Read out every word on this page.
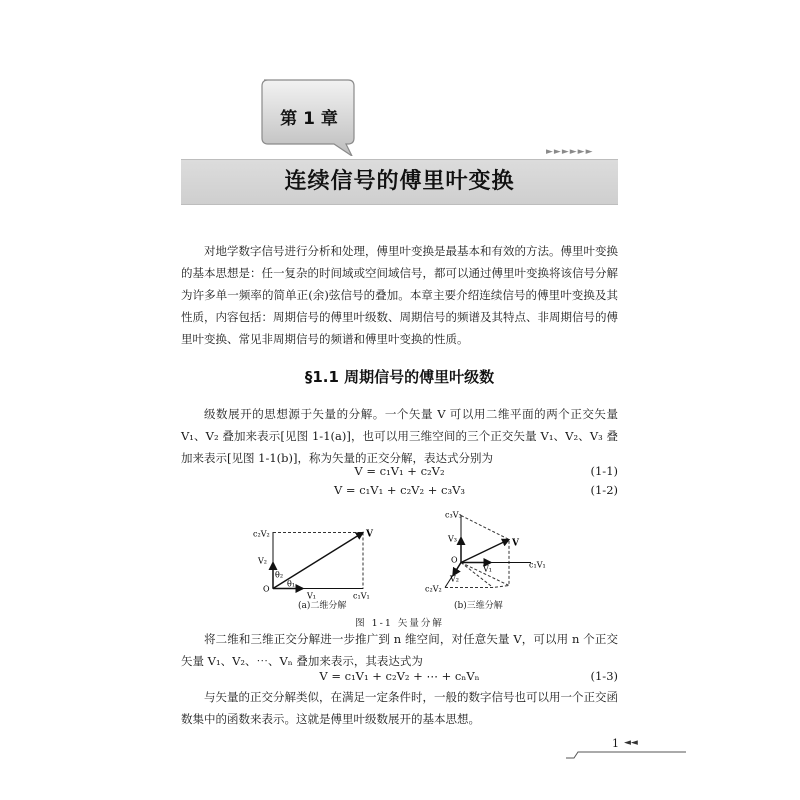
第 1 章
►►►►►►
连续信号的傅里叶变换
对地学数字信号进行分析和处理，傅里叶变换是最基本和有效的方法。傅里叶变换的基本思想是：任一复杂的时间域或空间域信号，都可以通过傅里叶变换将该信号分解为许多单一频率的简单正(余)弦信号的叠加。本章主要介绍连续信号的傅里叶变换及其性质，内容包括：周期信号的傅里叶级数、周期信号的频谱及其特点、非周期信号的傅里叶变换、常见非周期信号的频谱和傅里叶变换的性质。
§1.1 周期信号的傅里叶级数
级数展开的思想源于矢量的分解。一个矢量 V 可以用二维平面的两个正交矢量 V₁、V₂ 叠加来表示[见图 1-1(a)]，也可以用三维空间的三个正交矢量 V₁、V₂、V₃ 叠加来表示[见图 1-1(b)]，称为矢量的正交分解，表达式分别为
V = c₁V₁ + c₂V₂	(1-1)
V = c₁V₁ + c₂V₂ + c₃V₃	(1-2)
c₂V₂	V
V₂
θ₂
θ₁
O
V₁	c₁V₁
c₃V₃
V₃	V
O
V₁	c₁V₁
V₂
c₂V₂
(a)二维分解	(b)三维分解
图 1-1 矢量分解
将二维和三维正交分解进一步推广到 n 维空间，对任意矢量 V，可以用 n 个正交矢量 V₁、V₂、⋯、Vₙ 叠加来表示，其表达式为
V = c₁V₁ + c₂V₂ + ⋯ + cₙVₙ	(1-3)
与矢量的正交分解类似，在满足一定条件时，一般的数字信号也可以用一个正交函数集中的函数来表示。这就是傅里叶级数展开的基本思想。
1 ◄◄
